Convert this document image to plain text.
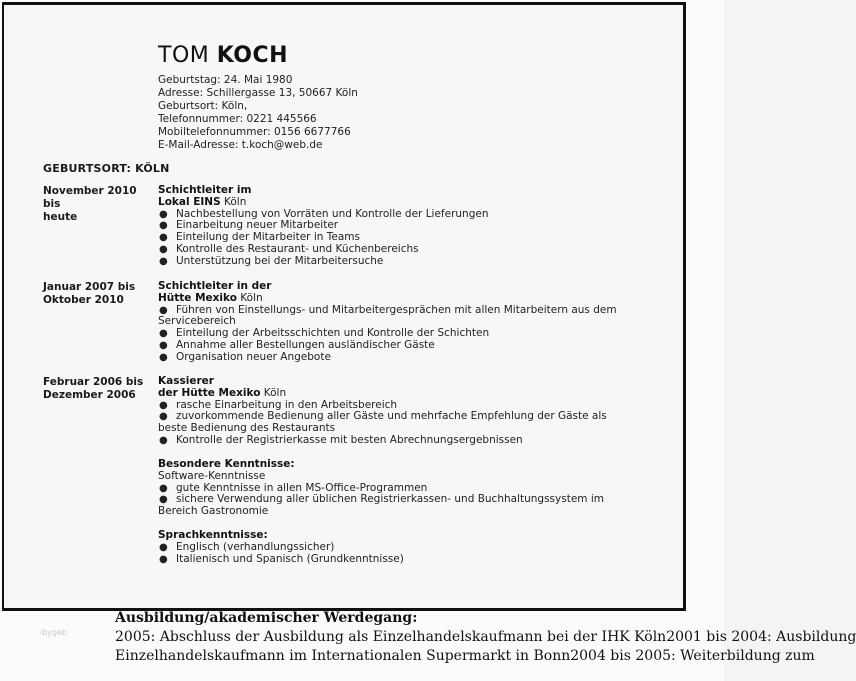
TOM KOCH
Geburtstag: 24. Mai 1980
Adresse: Schillergasse 13, 50667 Köln
Geburtsort: Köln,
Telefonnummer: 0221 445566
Mobiltelefonnummer: 0156 6677766
E-Mail-Adresse: t.koch@web.de
GEBURTSORT: KÖLN
November 2010 bis
heute
Schichtleiter im
Lokal EINS Köln
● Nachbestellung von Vorräten und Kontrolle der Lieferungen
● Einarbeitung neuer Mitarbeiter
● Einteilung der Mitarbeiter in Teams
● Kontrolle des Restaurant- und Küchenbereichs
● Unterstützung bei der Mitarbeitersuche
Januar 2007 bis
Oktober 2010
Schichtleiter in der
Hütte Mexiko Köln
● Führen von Einstellungs- und Mitarbeitergesprächen mit allen Mitarbeitern aus dem Servicebereich
● Einteilung der Arbeitsschichten und Kontrolle der Schichten
● Annahme aller Bestellungen ausländischer Gäste
● Organisation neuer Angebote
Februar 2006 bis
Dezember 2006
Kassierer
der Hütte Mexiko Köln
● rasche Einarbeitung in den Arbeitsbereich
● zuvorkommende Bedienung aller Gäste und mehrfache Empfehlung der Gäste als beste Bedienung des Restaurants
● Kontrolle der Registrierkasse mit besten Abrechnungsergebnissen
Besondere Kenntnisse:
Software-Kenntnisse
● gute Kenntnisse in allen MS-Office-Programmen
● sichere Verwendung aller üblichen Registrierkassen- und Buchhaltungssystem im Bereich Gastronomie
Sprachkenntnisse:
● Englisch (verhandlungssicher)
● Italienisch und Spanisch (Grundkenntnisse)
ibygeb
Ausbildung/akademischer Werdegang:
2005: Abschluss der Ausbildung als Einzelhandelskaufmann bei der IHK Köln2001 bis 2004: Ausbildung
Einzelhandelskaufmann im Internationalen Supermarkt in Bonn2004 bis 2005: Weiterbildung zum
